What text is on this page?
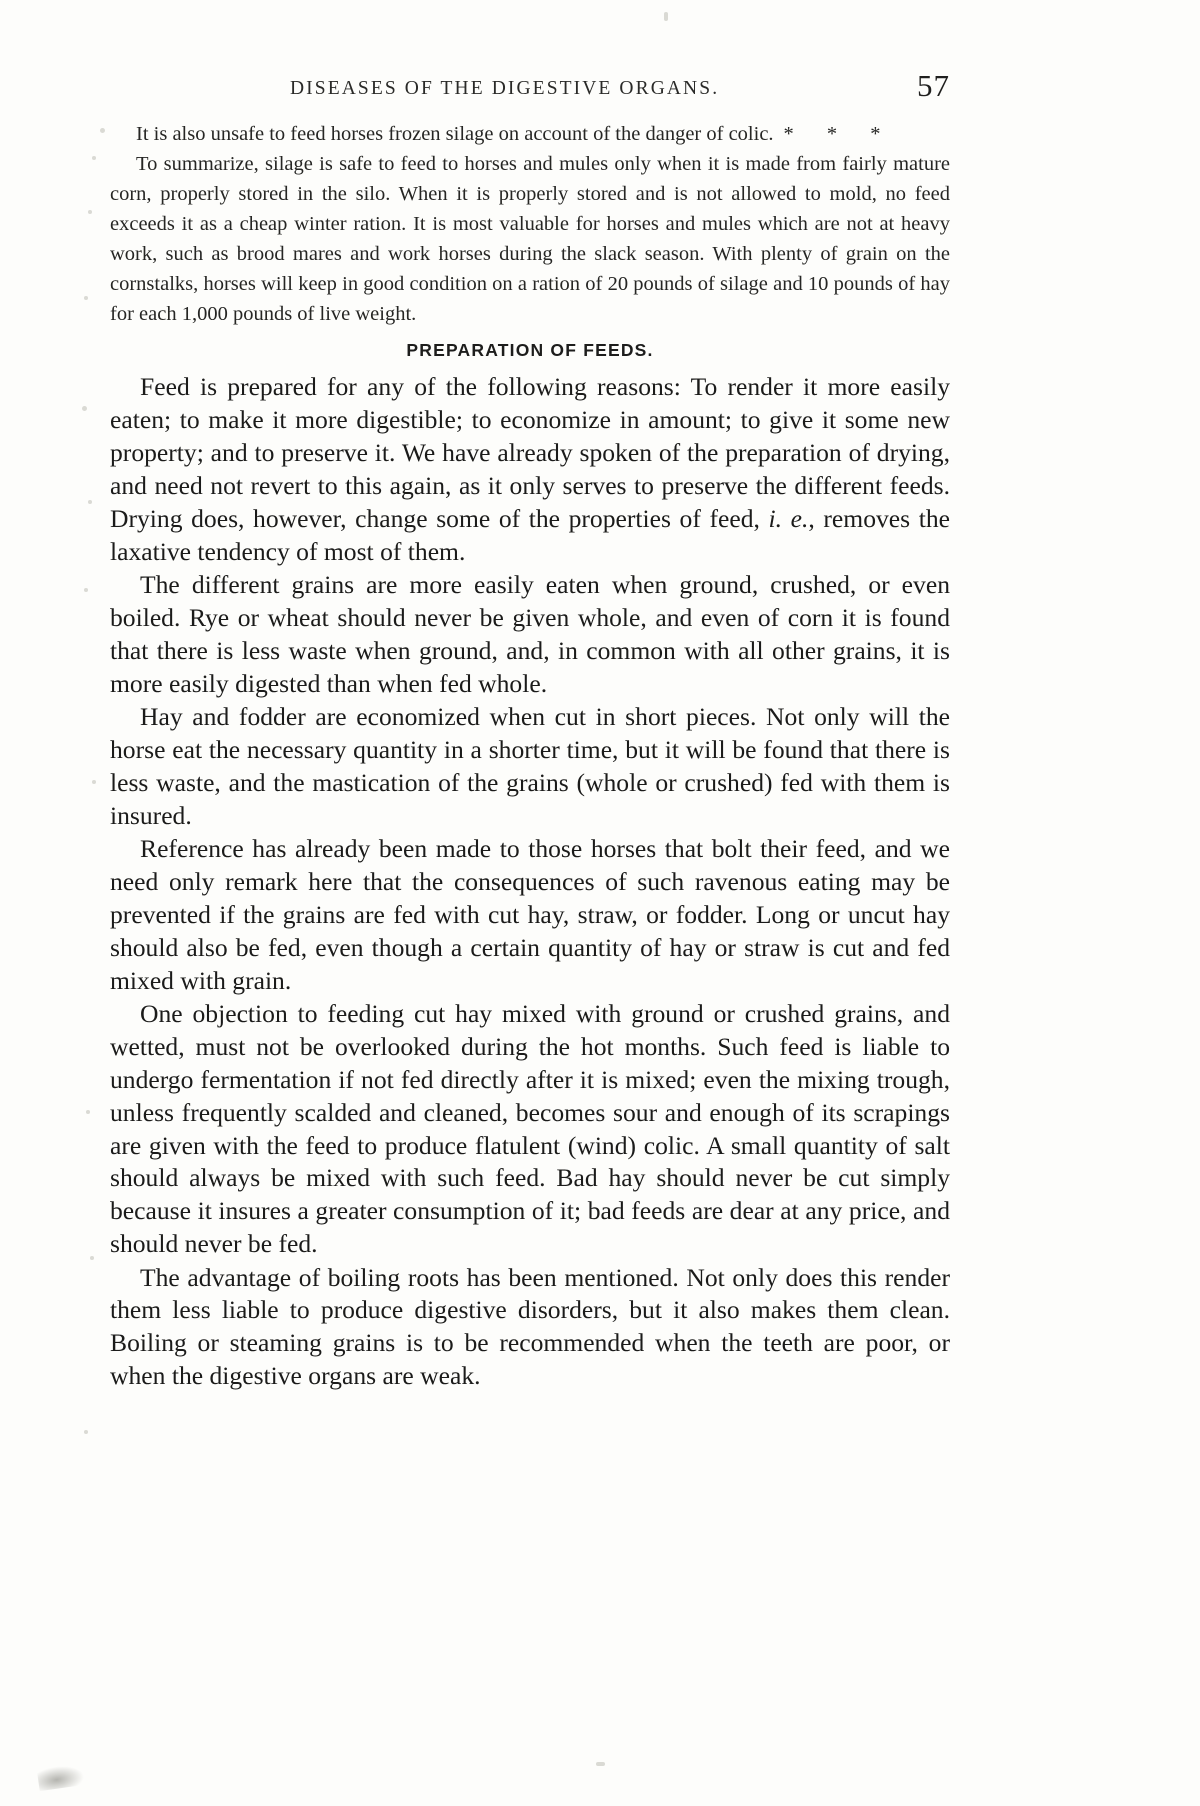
DISEASES OF THE DIGESTIVE ORGANS.	57

It is also unsafe to feed horses frozen silage on account of the danger of colic. * * *

To summarize, silage is safe to feed to horses and mules only when it is made from fairly mature corn, properly stored in the silo. When it is properly stored and is not allowed to mold, no feed exceeds it as a cheap winter ration. It is most valuable for horses and mules which are not at heavy work, such as brood mares and work horses during the slack season. With plenty of grain on the cornstalks, horses will keep in good condition on a ration of 20 pounds of silage and 10 pounds of hay for each 1,000 pounds of live weight.

PREPARATION OF FEEDS.

Feed is prepared for any of the following reasons: To render it more easily eaten; to make it more digestible; to economize in amount; to give it some new property; and to preserve it. We have already spoken of the preparation of drying, and need not revert to this again, as it only serves to preserve the different feeds. Drying does, however, change some of the properties of feed, i. e., removes the laxative tendency of most of them.

The different grains are more easily eaten when ground, crushed, or even boiled. Rye or wheat should never be given whole, and even of corn it is found that there is less waste when ground, and, in common with all other grains, it is more easily digested than when fed whole.

Hay and fodder are economized when cut in short pieces. Not only will the horse eat the necessary quantity in a shorter time, but it will be found that there is less waste, and the mastication of the grains (whole or crushed) fed with them is insured.

Reference has already been made to those horses that bolt their feed, and we need only remark here that the consequences of such ravenous eating may be prevented if the grains are fed with cut hay, straw, or fodder. Long or uncut hay should also be fed, even though a certain quantity of hay or straw is cut and fed mixed with grain.

One objection to feeding cut hay mixed with ground or crushed grains, and wetted, must not be overlooked during the hot months. Such feed is liable to undergo fermentation if not fed directly after it is mixed; even the mixing trough, unless frequently scalded and cleaned, becomes sour and enough of its scrapings are given with the feed to produce flatulent (wind) colic. A small quantity of salt should always be mixed with such feed. Bad hay should never be cut simply because it insures a greater consumption of it; bad feeds are dear at any price, and should never be fed.

The advantage of boiling roots has been mentioned. Not only does this render them less liable to produce digestive disorders, but it also makes them clean. Boiling or steaming grains is to be recommended when the teeth are poor, or when the digestive organs are weak.
